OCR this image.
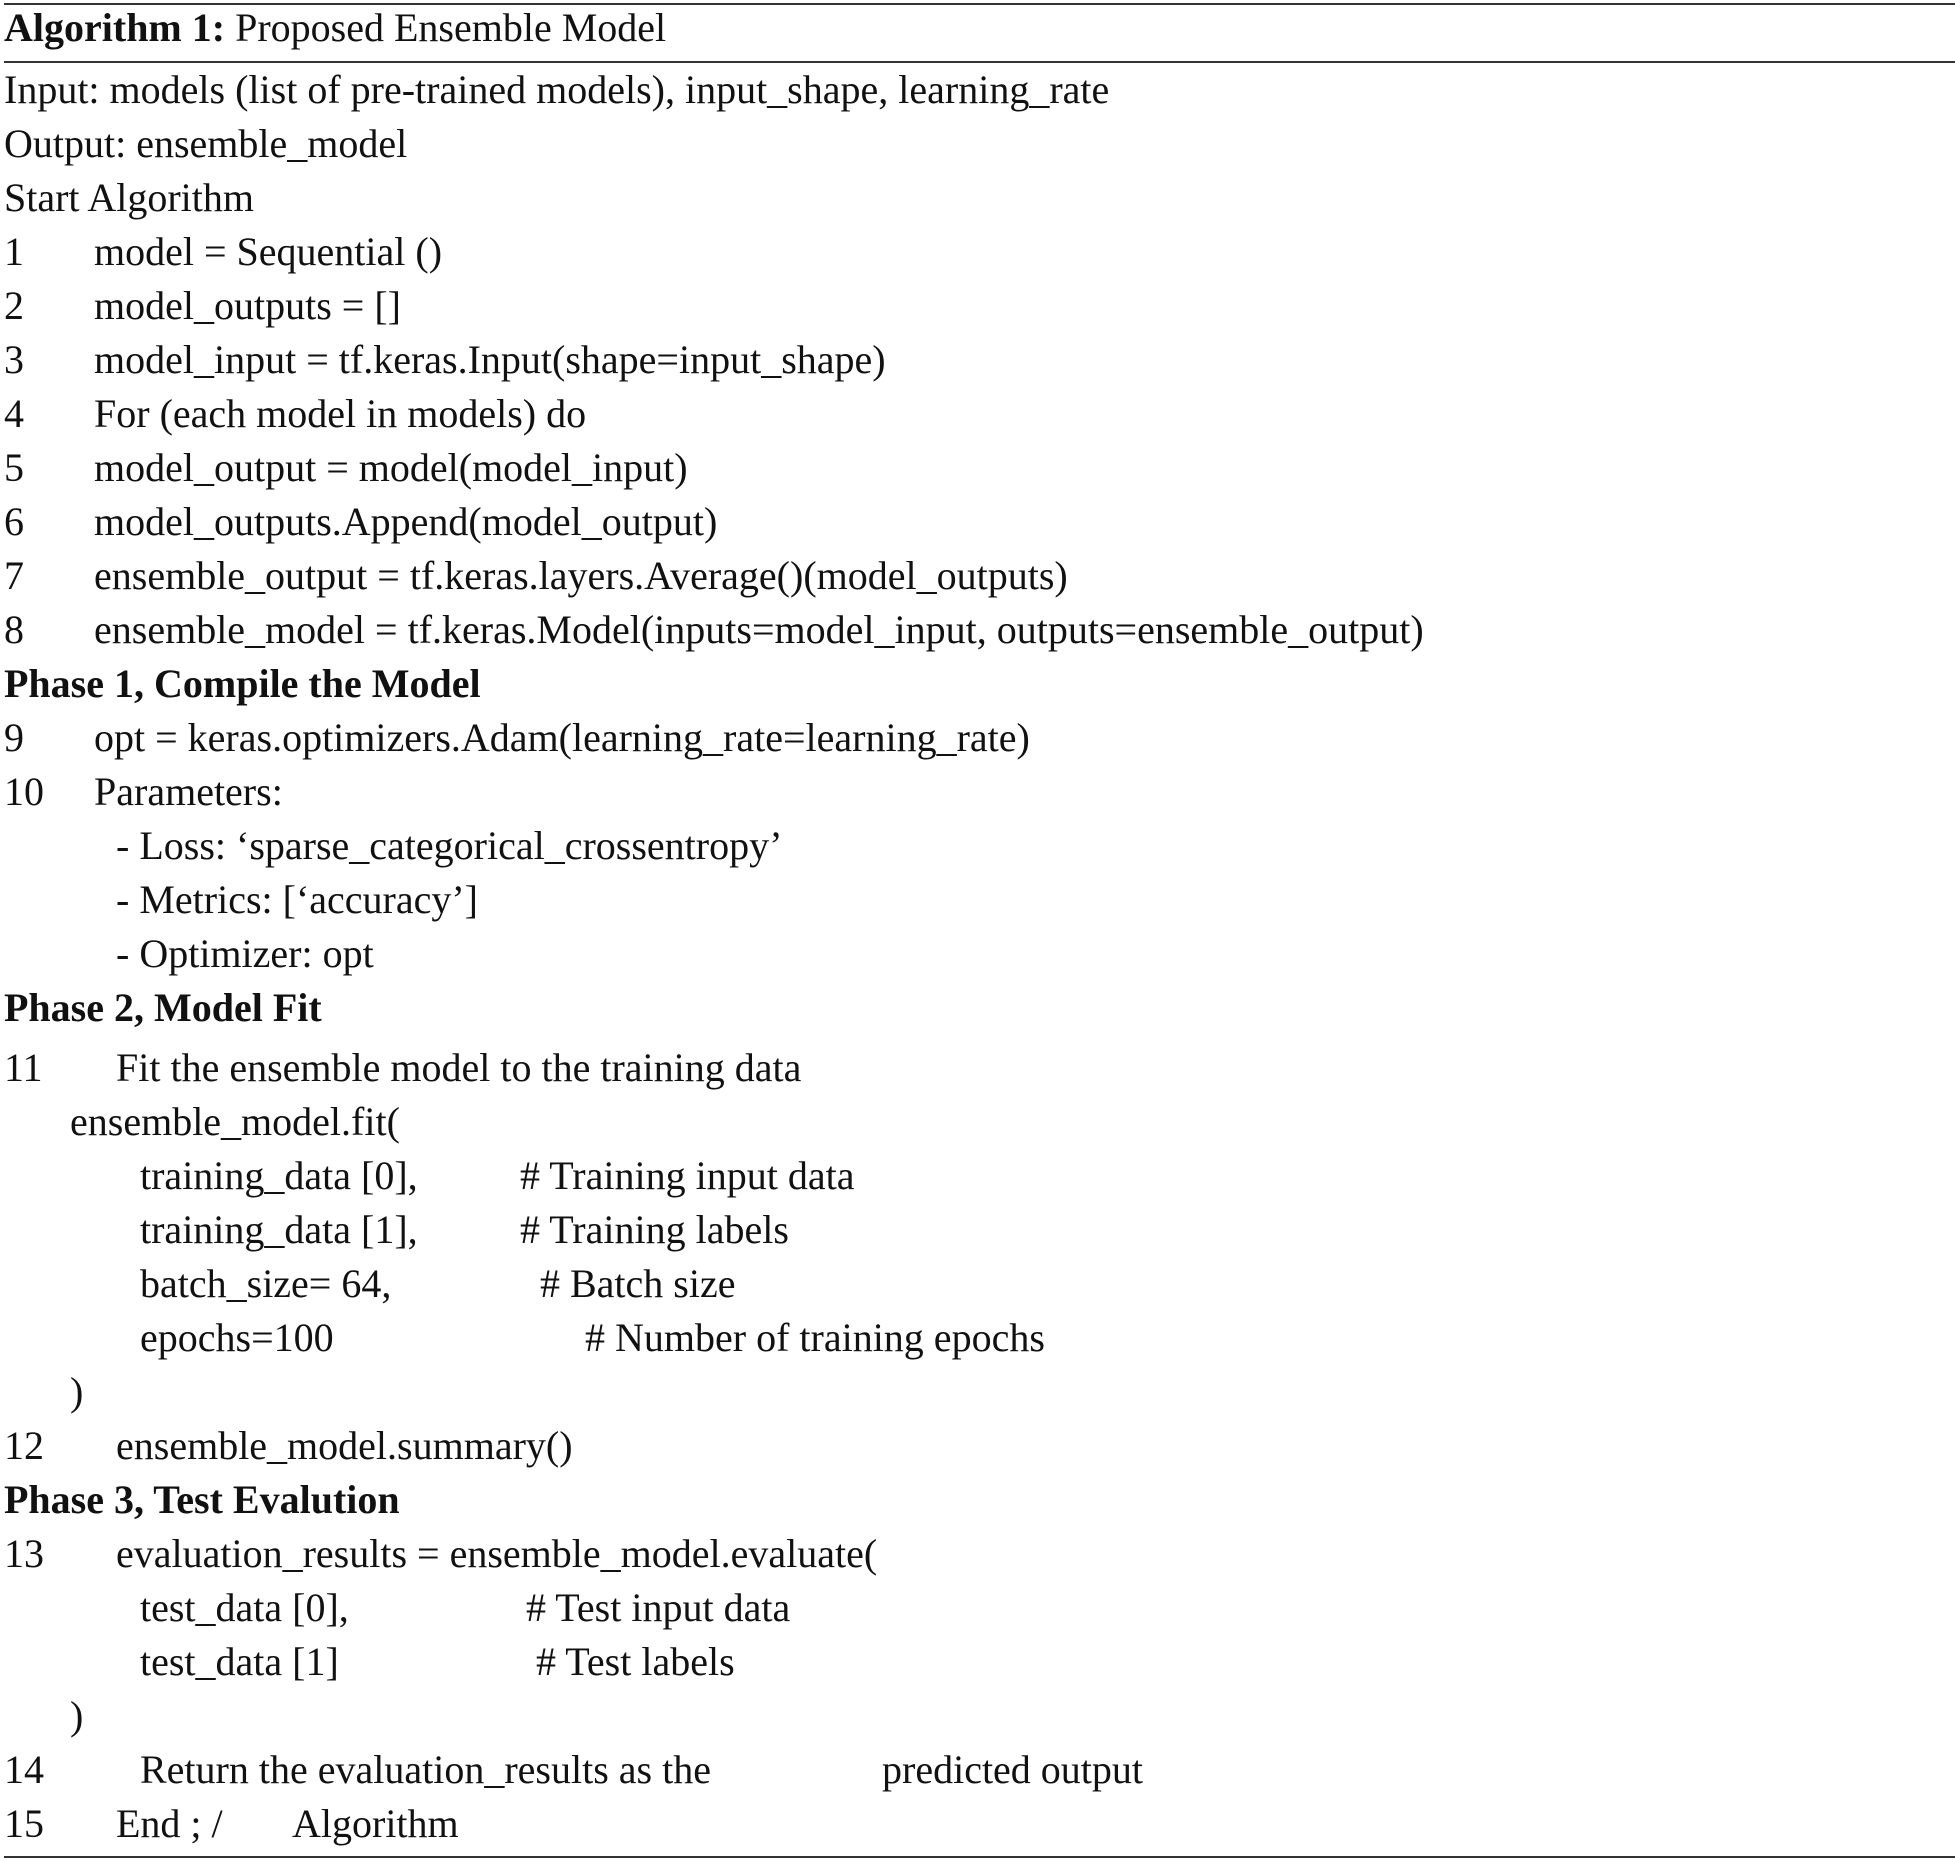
Algorithm 1: Proposed Ensemble Model
Input: models (list of pre-trained models), input_shape, learning_rate
Output: ensemble_model
Start Algorithm
1 model = Sequential ()
2 model_outputs = []
3 model_input = tf.keras.Input(shape=input_shape)
4 For (each model in models) do
5 model_output = model(model_input)
6 model_outputs.Append(model_output)
7 ensemble_output = tf.keras.layers.Average()(model_outputs)
8 ensemble_model = tf.keras.Model(inputs=model_input, outputs=ensemble_output)
Phase 1, Compile the Model
9 opt = keras.optimizers.Adam(learning_rate=learning_rate)
10 Parameters:
- Loss: ‘sparse_categorical_crossentropy’
- Metrics: [‘accuracy’]
- Optimizer: opt
Phase 2, Model Fit
11 Fit the ensemble model to the training data
ensemble_model.fit(
training_data [0],	# Training input data
training_data [1],	# Training labels
batch_size= 64,	# Batch size
epochs=100	# Number of training epochs
)
12 ensemble_model.summary()
Phase 3, Test Evalution
13 evaluation_results = ensemble_model.evaluate(
test_data [0],	# Test input data
test_data [1]	# Test labels
)
14 Return the evaluation_results as the	predicted output
15 End ; / Algorithm
